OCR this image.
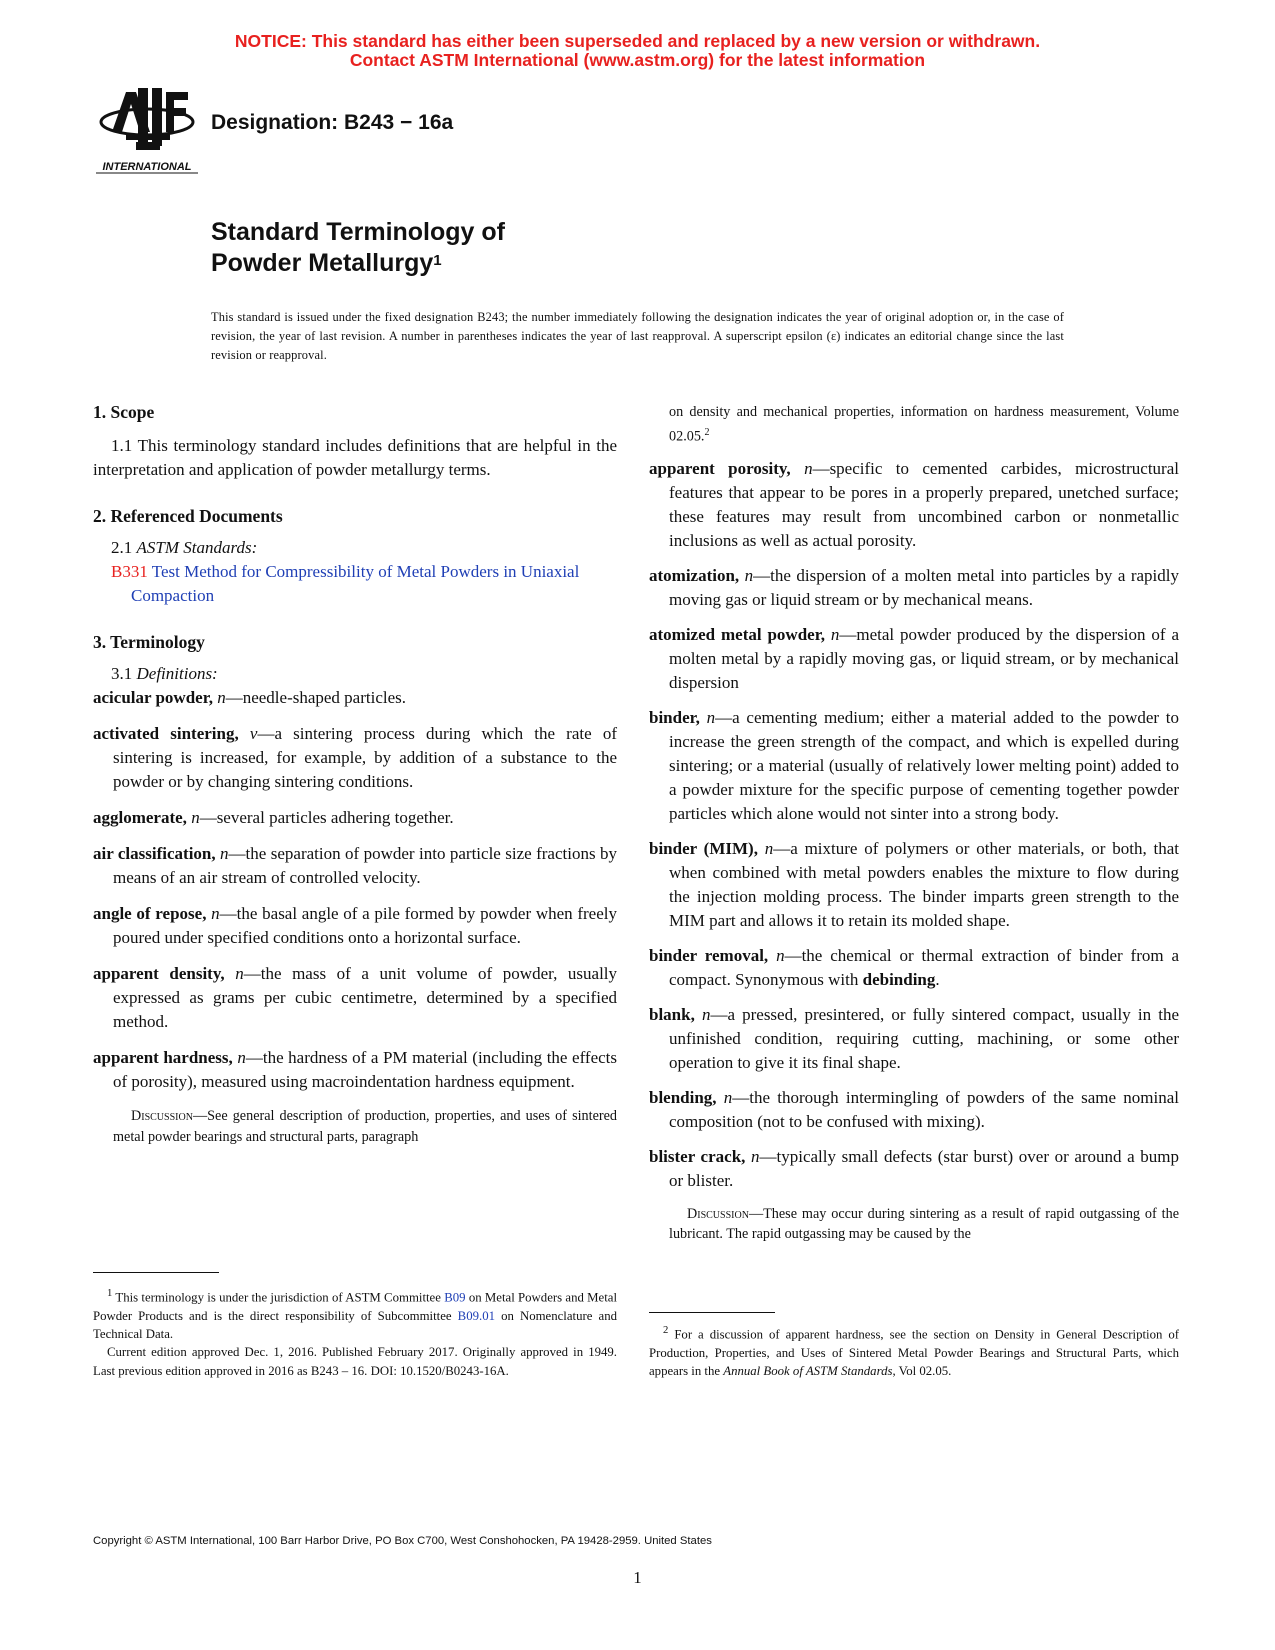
NOTICE: This standard has either been superseded and replaced by a new version or withdrawn.
Contact ASTM International (www.astm.org) for the latest information
INTERNATIONAL
Designation: B243 − 16a
Standard Terminology of
Powder Metallurgy$^1$
This standard is issued under the fixed designation B243; the number immediately following the designation indicates the year of original adoption or, in the case of revision, the year of last revision. A number in parentheses indicates the year of last reapproval. A superscript epsilon (ε) indicates an editorial change since the last revision or reapproval.
1. Scope
1.1 This terminology standard includes definitions that are helpful in the interpretation and application of powder metallurgy terms.
2. Referenced Documents
2.1 ASTM Standards:
B331 Test Method for Compressibility of Metal Powders in Uniaxial Compaction
3. Terminology
3.1 Definitions:
acicular powder, n—needle-shaped particles.
activated sintering, v—a sintering process during which the rate of sintering is increased, for example, by addition of a substance to the powder or by changing sintering conditions.
agglomerate, n—several particles adhering together.
air classification, n—the separation of powder into particle size fractions by means of an air stream of controlled velocity.
angle of repose, n—the basal angle of a pile formed by powder when freely poured under specified conditions onto a horizontal surface.
apparent density, n—the mass of a unit volume of powder, usually expressed as grams per cubic centimetre, determined by a specified method.
apparent hardness, n—the hardness of a PM material (including the effects of porosity), measured using macroindentation hardness equipment.
Discussion—See general description of production, properties, and uses of sintered metal powder bearings and structural parts, paragraph
on density and mechanical properties, information on hardness measurement, Volume 02.05.$^2$
apparent porosity, n—specific to cemented carbides, microstructural features that appear to be pores in a properly prepared, unetched surface; these features may result from uncombined carbon or nonmetallic inclusions as well as actual porosity.
atomization, n—the dispersion of a molten metal into particles by a rapidly moving gas or liquid stream or by mechanical means.
atomized metal powder, n—metal powder produced by the dispersion of a molten metal by a rapidly moving gas, or liquid stream, or by mechanical dispersion
binder, n—a cementing medium; either a material added to the powder to increase the green strength of the compact, and which is expelled during sintering; or a material (usually of relatively lower melting point) added to a powder mixture for the specific purpose of cementing together powder particles which alone would not sinter into a strong body.
binder (MIM), n—a mixture of polymers or other materials, or both, that when combined with metal powders enables the mixture to flow during the injection molding process. The binder imparts green strength to the MIM part and allows it to retain its molded shape.
binder removal, n—the chemical or thermal extraction of binder from a compact. Synonymous with debinding.
blank, n—a pressed, presintered, or fully sintered compact, usually in the unfinished condition, requiring cutting, machining, or some other operation to give it its final shape.
blending, n—the thorough intermingling of powders of the same nominal composition (not to be confused with mixing).
blister crack, n—typically small defects (star burst) over or around a bump or blister.
Discussion—These may occur during sintering as a result of rapid outgassing of the lubricant. The rapid outgassing may be caused by the

$^1$ This terminology is under the jurisdiction of ASTM Committee B09 on Metal Powders and Metal Powder Products and is the direct responsibility of Subcommittee B09.01 on Nomenclature and Technical Data.

Current edition approved Dec. 1, 2016. Published February 2017. Originally approved in 1949. Last previous edition approved in 2016 as B243 – 16. DOI: 10.1520/B0243-16A.

$^2$ For a discussion of apparent hardness, see the section on Density in General Description of Production, Properties, and Uses of Sintered Metal Powder Bearings and Structural Parts, which appears in the Annual Book of ASTM Standards, Vol 02.05.

Copyright © ASTM International, 100 Barr Harbor Drive, PO Box C700, West Conshohocken, PA 19428-2959. United States
1
